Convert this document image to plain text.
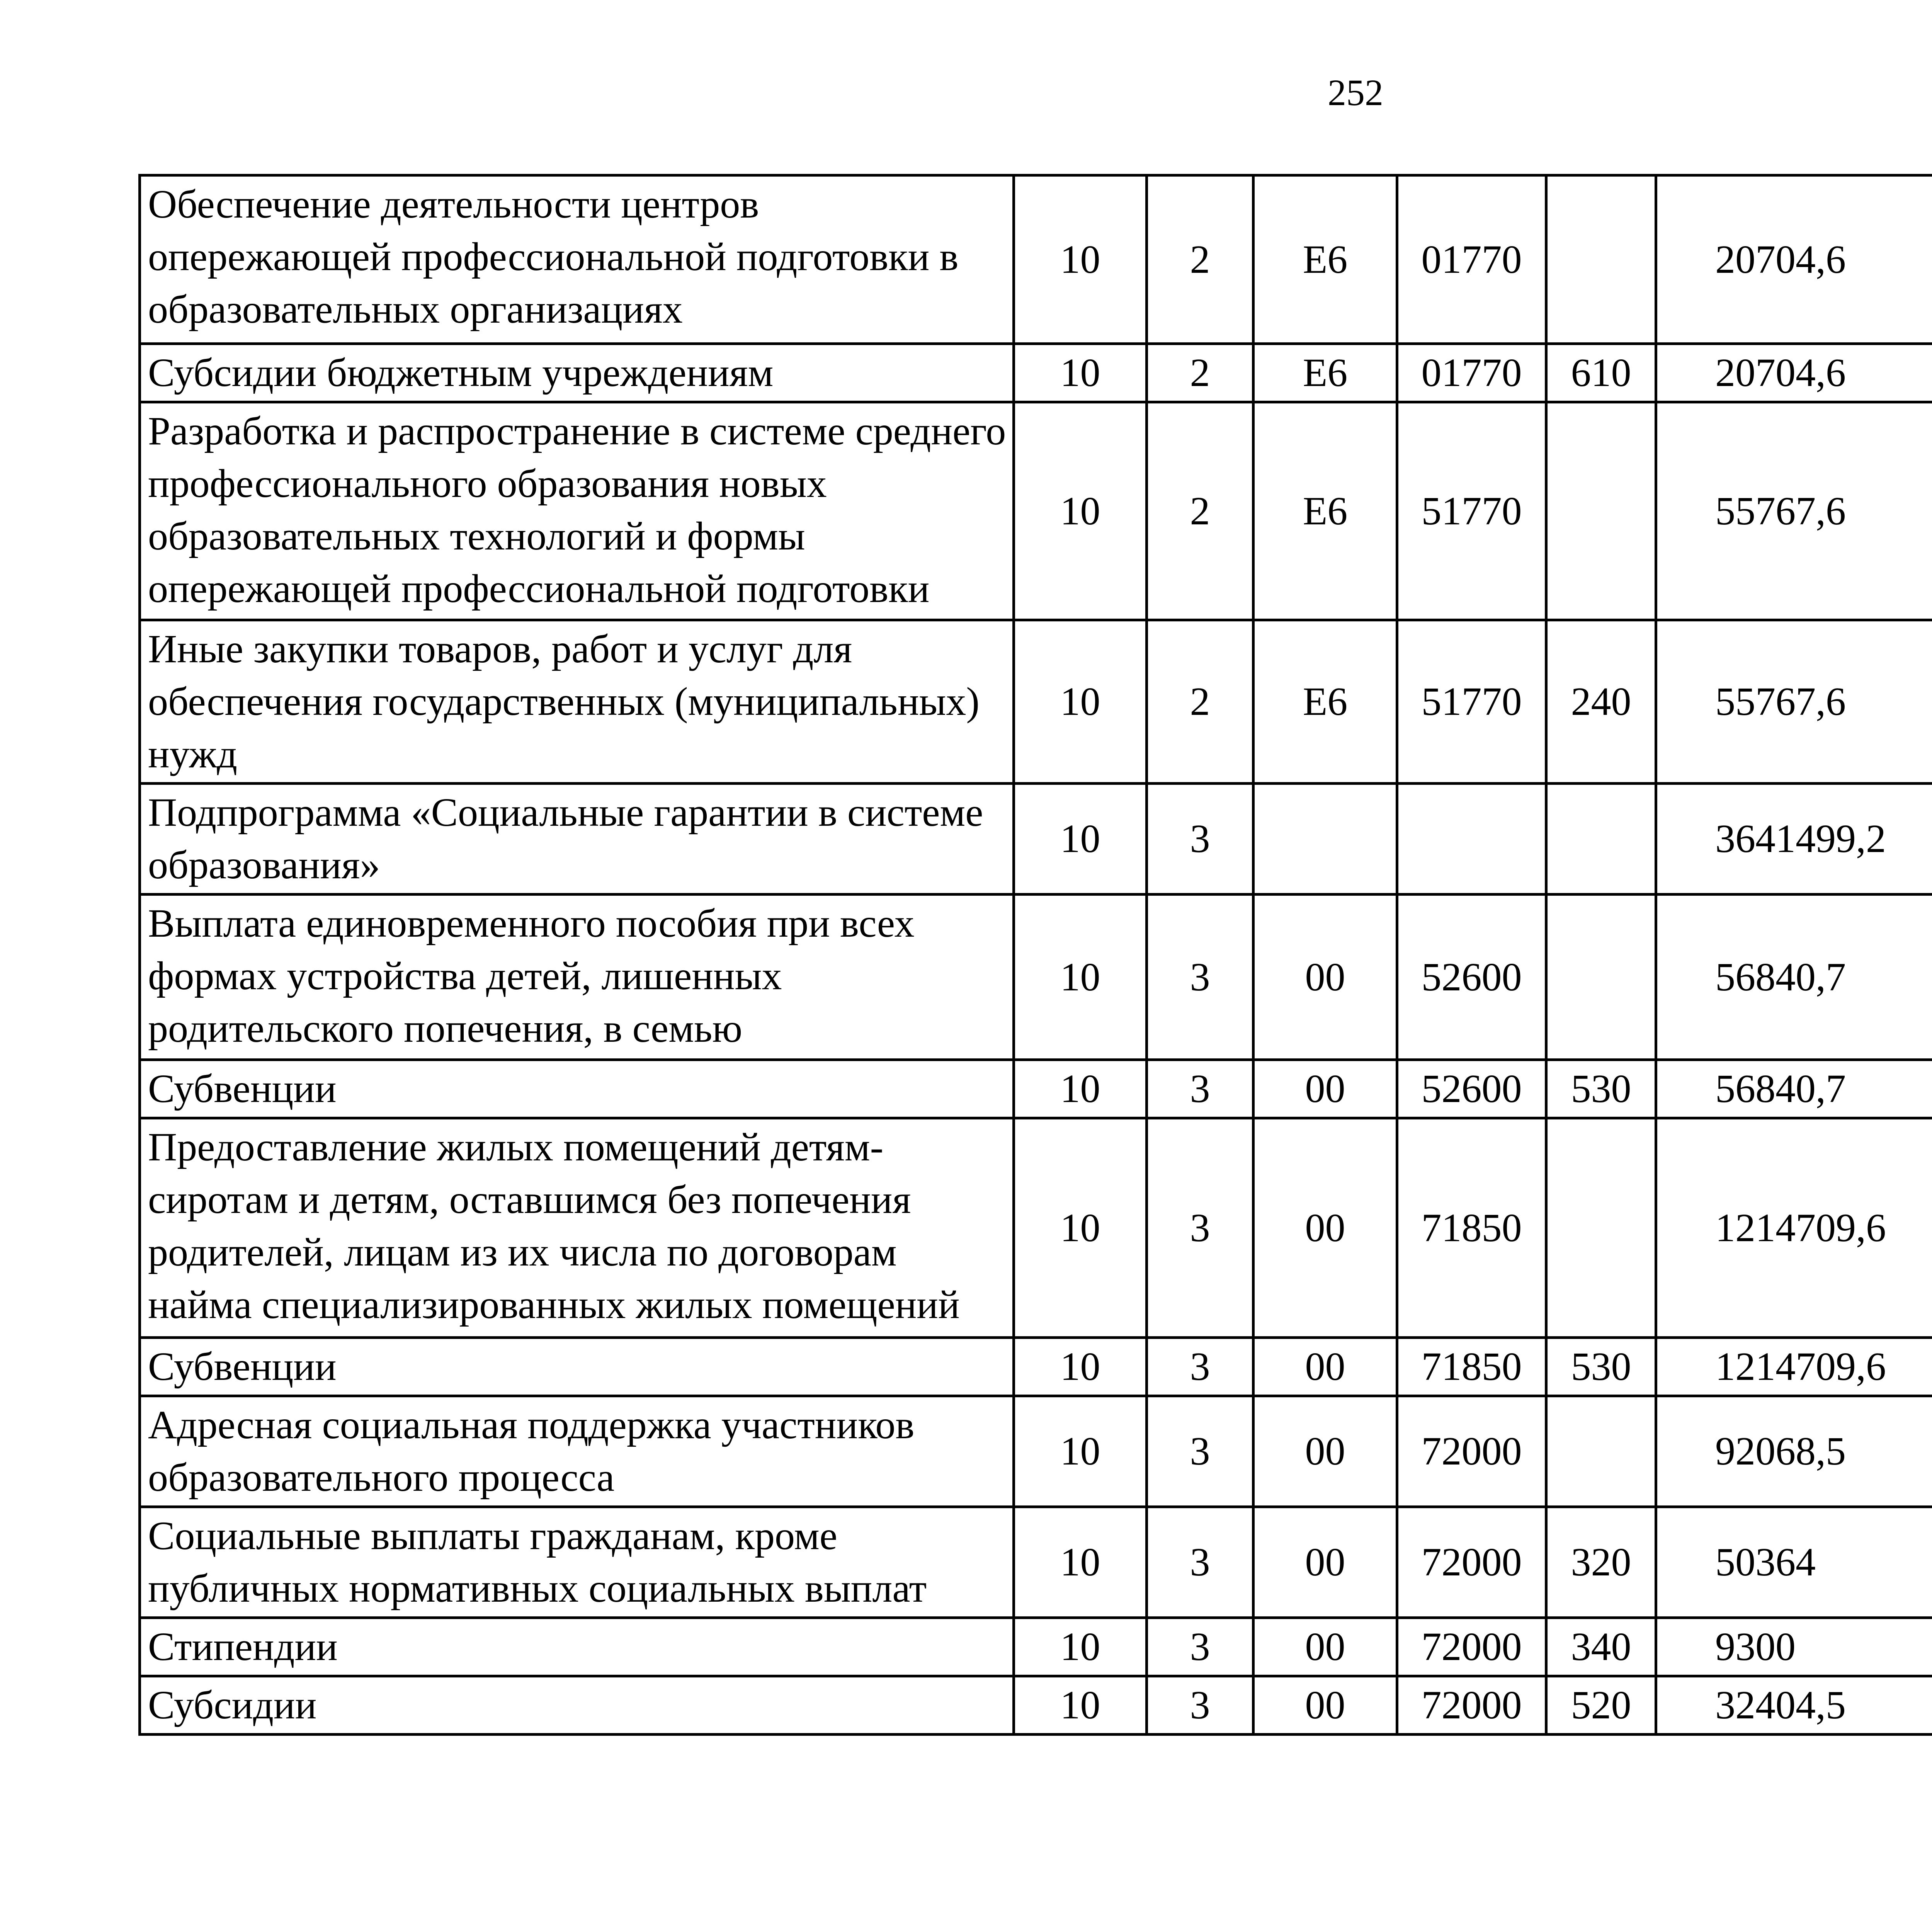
252
Обеспечение деятельности центров опережающей профессиональной подготовки в образовательных организациях	10	2	Е6	01770		20704,6		
Субсидии бюджетным учреждениям	10	2	Е6	01770	610	20704,6		
Разработка и распространение в системе среднего профессионального образования новых образовательных технологий и формы опережающей профессиональной подготовки	10	2	Е6	51770		55767,6		
Иные закупки товаров, работ и услуг для обеспечения государственных (муниципальных) нужд	10	2	Е6	51770	240	55767,6		
Подпрограмма «Социальные гарантии в системе образования»	10	3				3641499,2		
Выплата единовременного пособия при всех формах устройства детей, лишенных родительского попечения, в семью	10	3	00	52600		56840,7		
Субвенции	10	3	00	52600	530	56840,7		
Предоставление жилых помещений детям-сиротам и детям, оставшимся без попечения родителей, лицам из их числа по договорам найма специализированных жилых помещений	10	3	00	71850		1214709,6		
Субвенции	10	3	00	71850	530	1214709,6		
Адресная социальная поддержка участников образовательного процесса	10	3	00	72000		92068,5		
Социальные выплаты гражданам, кроме публичных нормативных социальных выплат	10	3	00	72000	320	50364		
Стипендии	10	3	00	72000	340	9300		
Субсидии	10	3	00	72000	520	32404,5		
